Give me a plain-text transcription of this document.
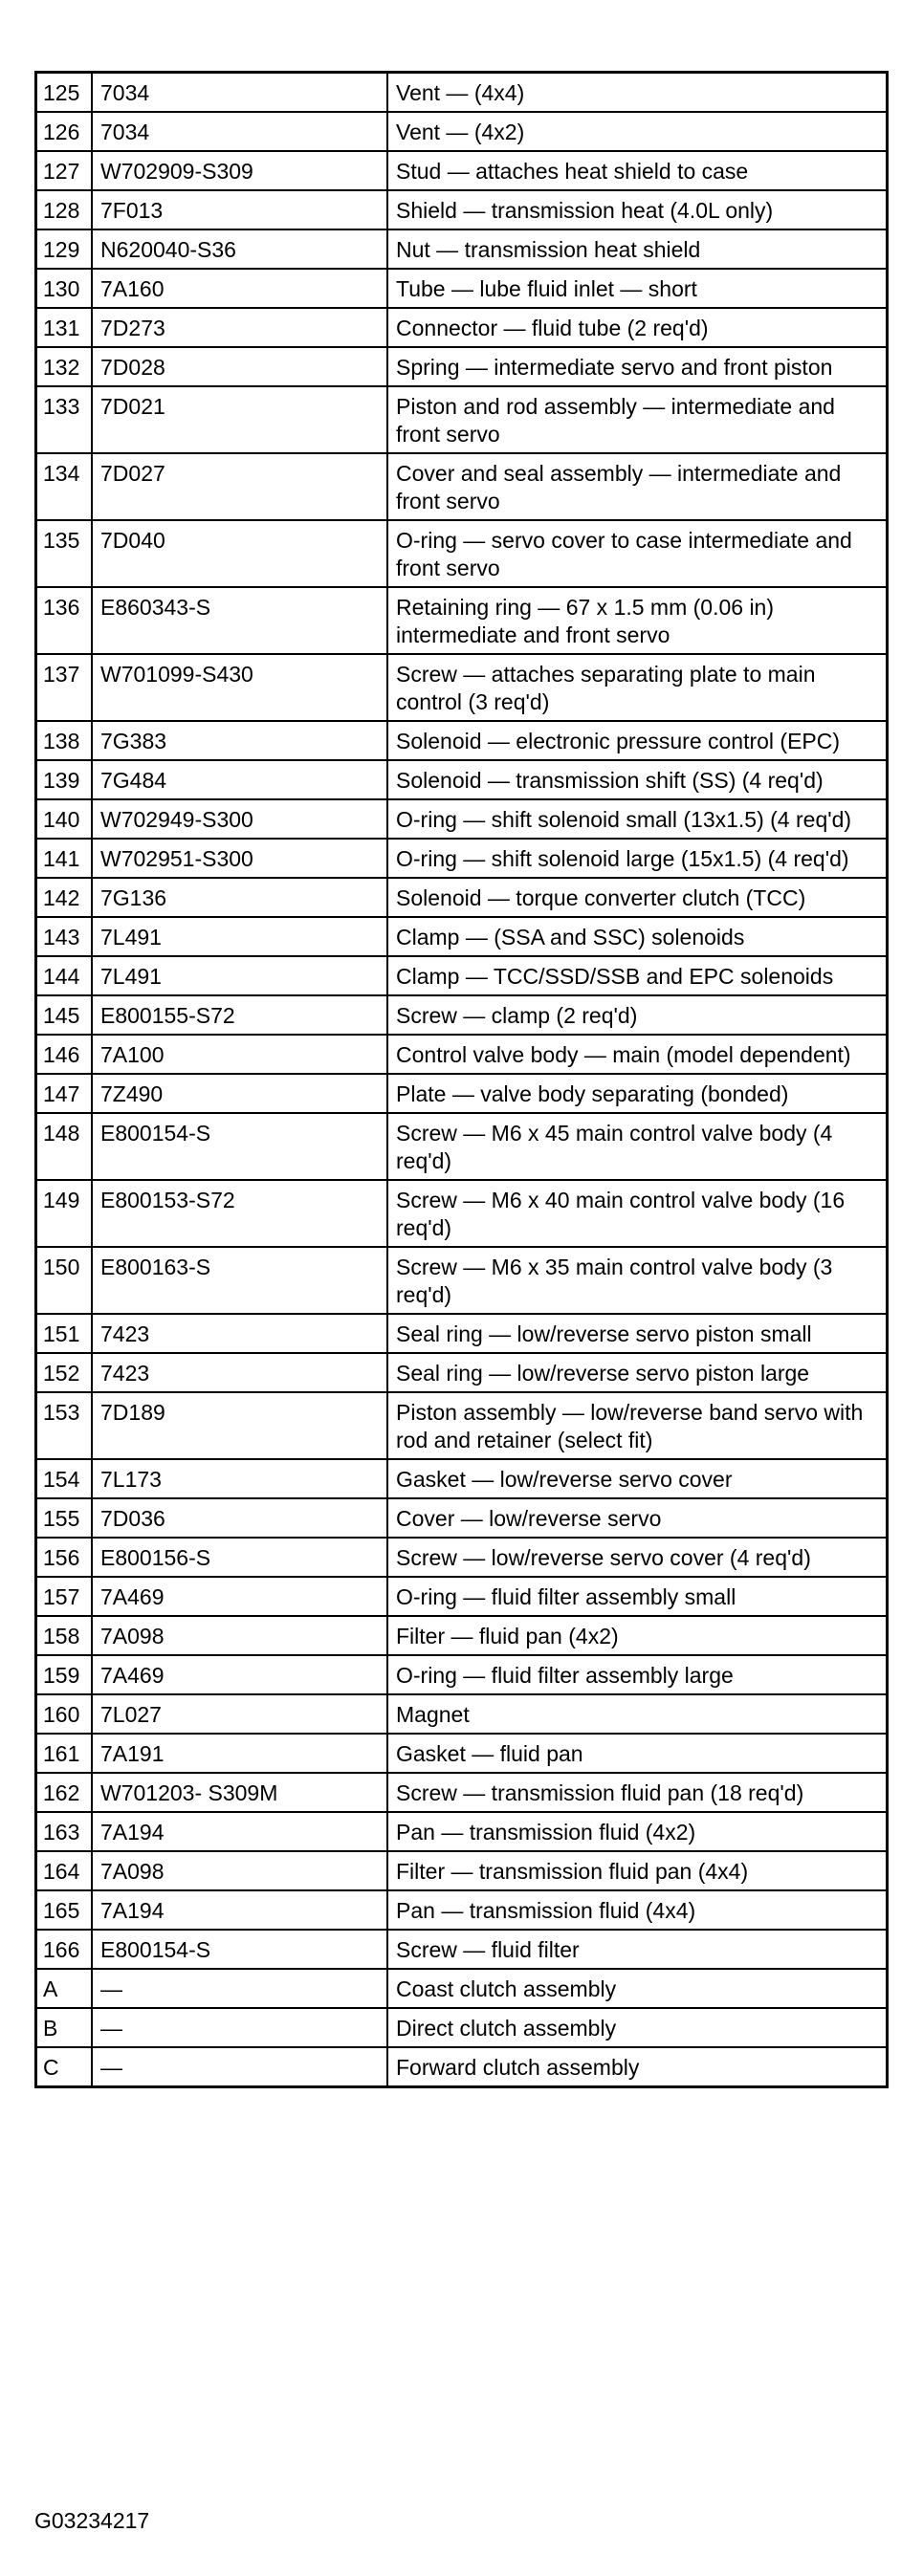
125	7034	Vent — (4x4)
126	7034	Vent — (4x2)
127	W702909-S309	Stud — attaches heat shield to case
128	7F013	Shield — transmission heat (4.0L only)
129	N620040-S36	Nut — transmission heat shield
130	7A160	Tube — lube fluid inlet — short
131	7D273	Connector — fluid tube (2 req'd)
132	7D028	Spring — intermediate servo and front piston
133	7D021	Piston and rod assembly — intermediate and front servo
134	7D027	Cover and seal assembly — intermediate and front servo
135	7D040	O-ring — servo cover to case intermediate and front servo
136	E860343-S	Retaining ring — 67 x 1.5 mm (0.06 in) intermediate and front servo
137	W701099-S430	Screw — attaches separating plate to main control (3 req'd)
138	7G383	Solenoid — electronic pressure control (EPC)
139	7G484	Solenoid — transmission shift (SS) (4 req'd)
140	W702949-S300	O-ring — shift solenoid small (13x1.5) (4 req'd)
141	W702951-S300	O-ring — shift solenoid large (15x1.5) (4 req'd)
142	7G136	Solenoid — torque converter clutch (TCC)
143	7L491	Clamp — (SSA and SSC) solenoids
144	7L491	Clamp — TCC/SSD/SSB and EPC solenoids
145	E800155-S72	Screw — clamp (2 req'd)
146	7A100	Control valve body — main (model dependent)
147	7Z490	Plate — valve body separating (bonded)
148	E800154-S	Screw — M6 x 45 main control valve body (4 req'd)
149	E800153-S72	Screw — M6 x 40 main control valve body (16 req'd)
150	E800163-S	Screw — M6 x 35 main control valve body (3 req'd)
151	7423	Seal ring — low/reverse servo piston small
152	7423	Seal ring — low/reverse servo piston large
153	7D189	Piston assembly — low/reverse band servo with rod and retainer (select fit)
154	7L173	Gasket — low/reverse servo cover
155	7D036	Cover — low/reverse servo
156	E800156-S	Screw — low/reverse servo cover (4 req'd)
157	7A469	O-ring — fluid filter assembly small
158	7A098	Filter — fluid pan (4x2)
159	7A469	O-ring — fluid filter assembly large
160	7L027	Magnet
161	7A191	Gasket — fluid pan
162	W701203- S309M	Screw — transmission fluid pan (18 req'd)
163	7A194	Pan — transmission fluid (4x2)
164	7A098	Filter — transmission fluid pan (4x4)
165	7A194	Pan — transmission fluid (4x4)
166	E800154-S	Screw — fluid filter
A	—	Coast clutch assembly
B	—	Direct clutch assembly
C	—	Forward clutch assembly
G03234217
